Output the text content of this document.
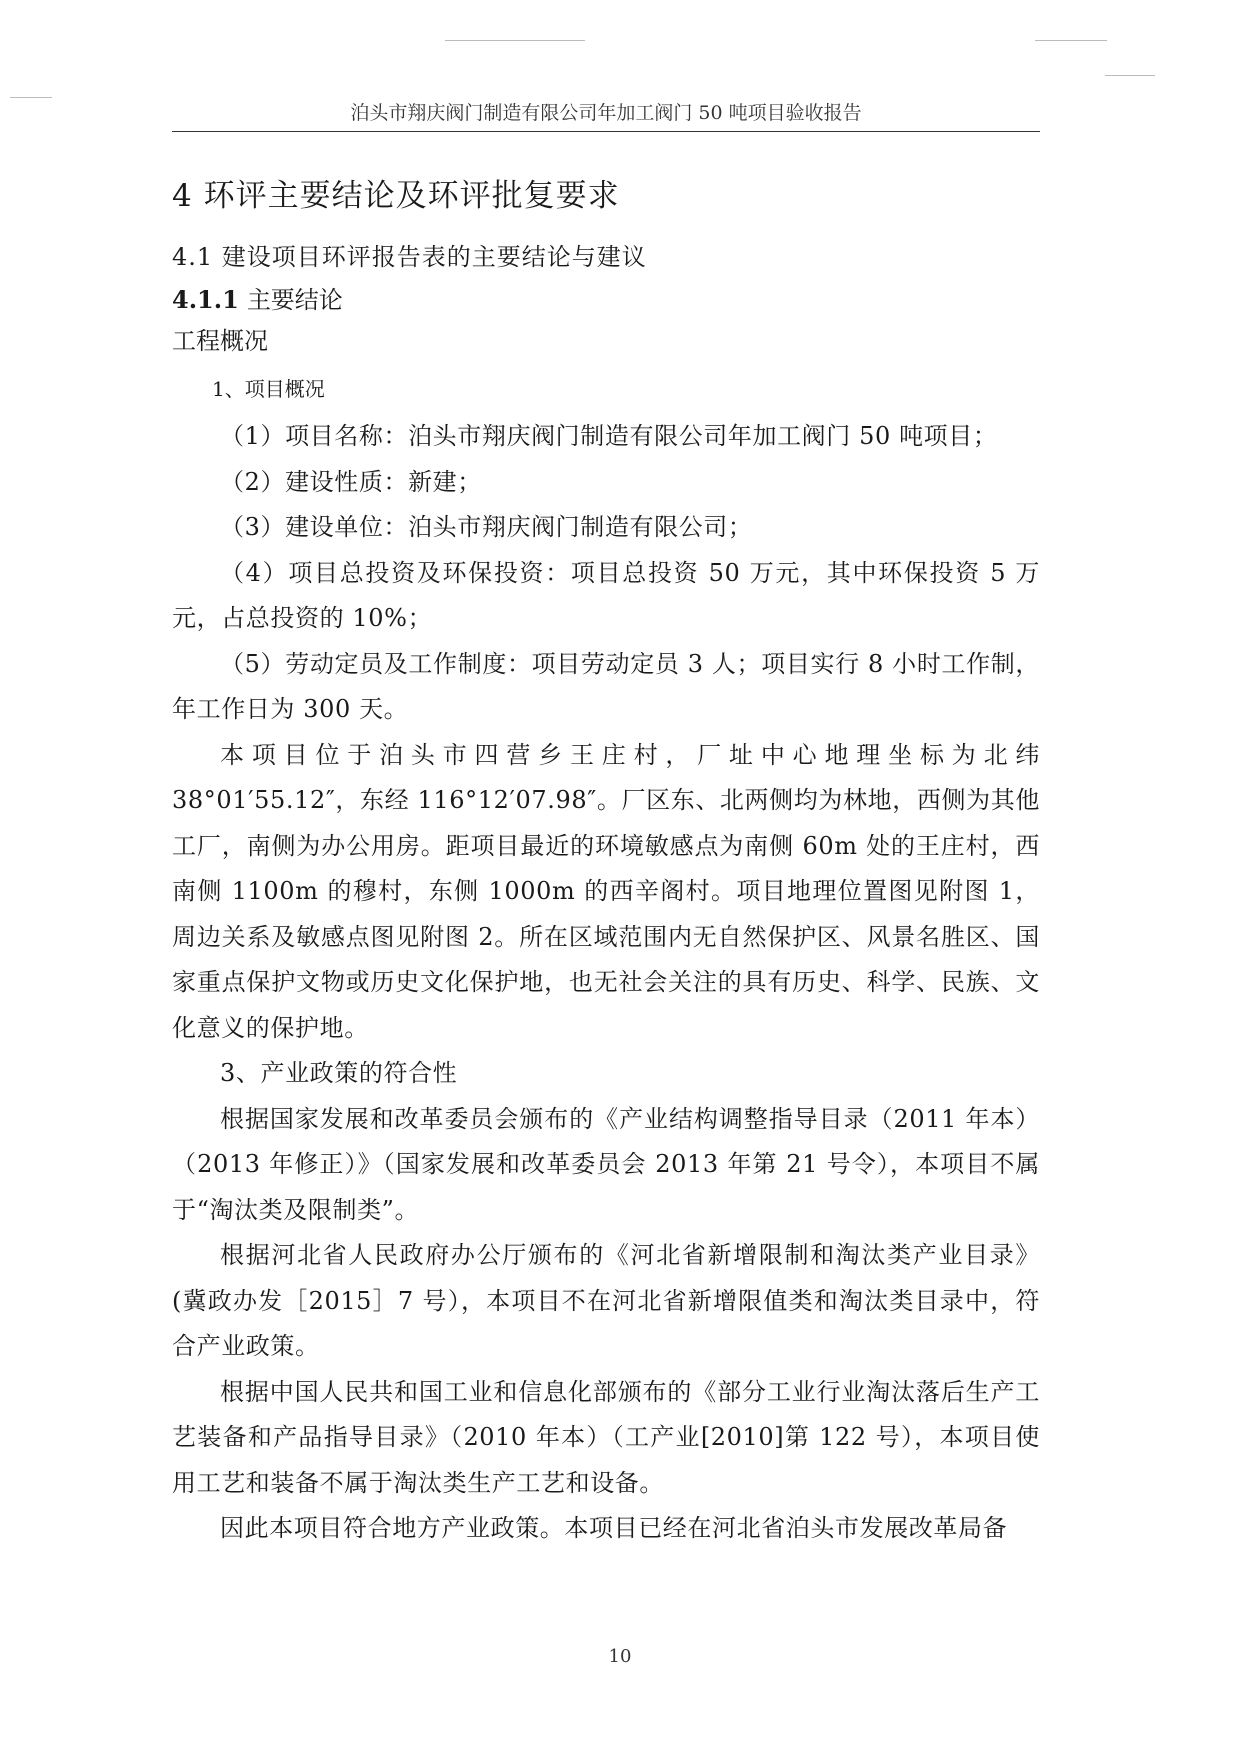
泊头市翔庆阀门制造有限公司年加工阀门 50 吨项目验收报告
4 环评主要结论及环评批复要求
4.1 建设项目环评报告表的主要结论与建议
4.1.1 主要结论
工程概况
1、项目概况

（1）项目名称：泊头市翔庆阀门制造有限公司年加工阀门 50 吨项目；

（2）建设性质：新建；

（3）建设单位：泊头市翔庆阀门制造有限公司；

（4）项目总投资及环保投资：项目总投资 50 万元，其中环保投资 5 万元，占总投资的 10%；

（5）劳动定员及工作制度：项目劳动定员 3 人；项目实行 8 小时工作制，年工作日为 300 天。

本项目位于泊头市四营乡王庄村，厂址中心地理坐标为北纬 38°01′55.12″，东经 116°12′07.98″。厂区东、北两侧均为林地，西侧为其他工厂，南侧为办公用房。距项目最近的环境敏感点为南侧 60m 处的王庄村，西南侧 1100m 的穆村，东侧 1000m 的西辛阁村。项目地理位置图见附图 1，周边关系及敏感点图见附图 2。所在区域范围内无自然保护区、风景名胜区、国家重点保护文物或历史文化保护地，也无社会关注的具有历史、科学、民族、文化意义的保护地。

3、产业政策的符合性

根据国家发展和改革委员会颁布的《产业结构调整指导目录（2011 年本）（2013 年修正）》（国家发展和改革委员会 2013 年第 21 号令），本项目不属于“淘汰类及限制类”。

根据河北省人民政府办公厅颁布的《河北省新增限制和淘汰类产业目录》(冀政办发［2015］7 号），本项目不在河北省新增限值类和淘汰类目录中，符合产业政策。

根据中国人民共和国工业和信息化部颁布的《部分工业行业淘汰落后生产工艺装备和产品指导目录》（2010 年本）（工产业[2010]第 122 号），本项目使用工艺和装备不属于淘汰类生产工艺和设备。

因此本项目符合地方产业政策。本项目已经在河北省泊头市发展改革局备

10
